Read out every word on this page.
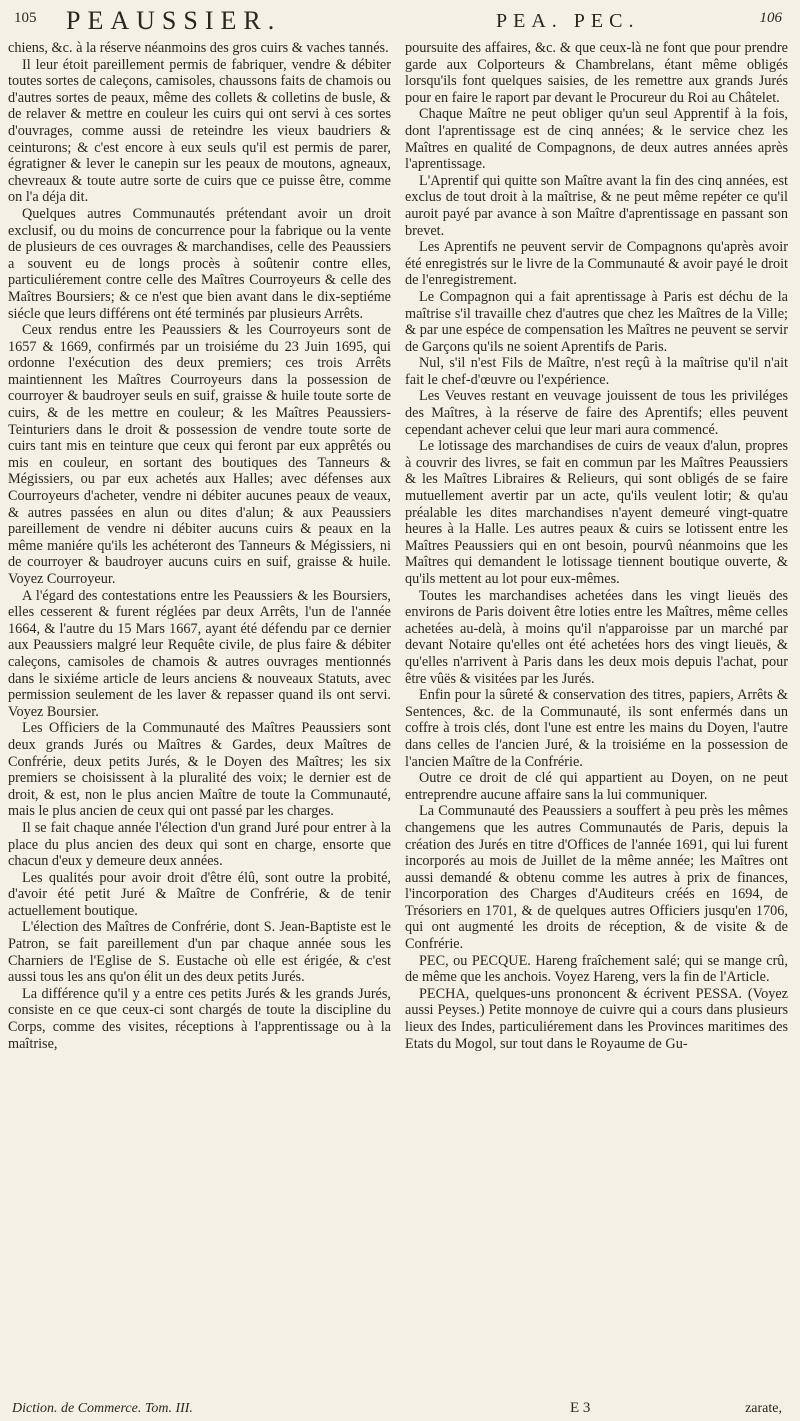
105 PEAUSSIER.	PEA. PEC.	106

chiens, &c. à la réserve néanmoins des gros cuirs & vaches tannés.

Il leur étoit pareillement permis de fabriquer, vendre & débiter toutes sortes de caleçons, camisoles, chaussons faits de chamois ou d'autres sortes de peaux, même des collets & colletins de busle, & de relaver & mettre en couleur les cuirs qui ont servi à ces sortes d'ouvrages, comme aussi de reteindre les vieux baudriers & ceinturons; & c'est encore à eux seuls qu'il est permis de parer, égratigner & lever le canepin sur les peaux de moutons, agneaux, chevreaux & toute autre sorte de cuirs que ce puisse être, comme on l'a déja dit.

Quelques autres Communautés prétendant avoir un droit exclusif, ou du moins de concurrence pour la fabrique ou la vente de plusieurs de ces ouvrages & marchandises, celle des Peaussiers a souvent eu de longs procès à soûtenir contre elles, particuliérement contre celle des Maîtres Courroyeurs & celle des Maîtres Boursiers; & ce n'est que bien avant dans le dix-septiéme siécle que leurs différens ont été terminés par plusieurs Arrêts.

Ceux rendus entre les Peaussiers & les Courroyeurs sont de 1657 & 1669, confirmés par un troisiéme du 23 Juin 1695, qui ordonne l'exécution des deux premiers; ces trois Arrêts maintiennent les Maîtres Courroyeurs dans la possession de courroyer & baudroyer seuls en suif, graisse & huile toute sorte de cuirs, & de les mettre en couleur; & les Maîtres Peaussiers-Teinturiers dans le droit & possession de vendre toute sorte de cuirs tant mis en teinture que ceux qui feront par eux apprêtés ou mis en couleur, en sortant des boutiques des Tanneurs & Mégissiers, ou par eux achetés aux Halles; avec défenses aux Courroyeurs d'acheter, vendre ni débiter aucunes peaux de veaux, & autres passées en alun ou dites d'alun; & aux Peaussiers pareillement de vendre ni débiter aucuns cuirs & peaux en la même maniére qu'ils les achéteront des Tanneurs & Mégissiers, ni de courroyer & baudroyer aucuns cuirs en suif, graisse & huile. Voyez Courroyeur.

A l'égard des contestations entre les Peaussiers & les Boursiers, elles cesserent & furent réglées par deux Arrêts, l'un de l'année 1664, & l'autre du 15 Mars 1667, ayant été défendu par ce dernier aux Peaussiers malgré leur Requête civile, de plus faire & débiter caleçons, camisoles de chamois & autres ouvrages mentionnés dans le sixiéme article de leurs anciens & nouveaux Statuts, avec permission seulement de les laver & repasser quand ils ont servi. Voyez Boursier.

Les Officiers de la Communauté des Maîtres Peaussiers sont deux grands Jurés ou Maîtres & Gardes, deux Maîtres de Confrérie, deux petits Jurés, & le Doyen des Maîtres; les six premiers se choisissent à la pluralité des voix; le dernier est de droit, & est, non le plus ancien Maître de toute la Communauté, mais le plus ancien de ceux qui ont passé par les charges.

Il se fait chaque année l'élection d'un grand Juré pour entrer à la place du plus ancien des deux qui sont en charge, ensorte que chacun d'eux y demeure deux années.

Les qualités pour avoir droit d'être élû, sont outre la probité, d'avoir été petit Juré & Maître de Confrérie, & de tenir actuellement boutique.

L'élection des Maîtres de Confrérie, dont S. Jean-Baptiste est le Patron, se fait pareillement d'un par chaque année sous les Charniers de l'Eglise de S. Eustache où elle est érigée, & c'est aussi tous les ans qu'on élit un des deux petits Jurés.

La différence qu'il y a entre ces petits Jurés & les grands Jurés, consiste en ce que ceux-ci sont chargés de toute la discipline du Corps, comme des visites, réceptions à l'apprentissage ou à la maîtrise,

poursuite des affaires, &c. & que ceux-là ne font que pour prendre garde aux Colporteurs & Chambrelans, étant même obligés lorsqu'ils font quelques saisies, de les remettre aux grands Jurés pour en faire le raport par devant le Procureur du Roi au Châtelet.

Chaque Maître ne peut obliger qu'un seul Apprentif à la fois, dont l'aprentissage est de cinq années; & le service chez les Maîtres en qualité de Compagnons, de deux autres années après l'aprentissage.

L'Aprentif qui quitte son Maître avant la fin des cinq années, est exclus de tout droit à la maîtrise, & ne peut même repéter ce qu'il auroit payé par avance à son Maître d'aprentissage en passant son brevet.

Les Aprentifs ne peuvent servir de Compagnons qu'après avoir été enregistrés sur le livre de la Communauté & avoir payé le droit de l'enregistrement.

Le Compagnon qui a fait aprentissage à Paris est déchu de la maîtrise s'il travaille chez d'autres que chez les Maîtres de la Ville; & par une espéce de compensation les Maîtres ne peuvent se servir de Garçons qu'ils ne soient Aprentifs de Paris.

Nul, s'il n'est Fils de Maître, n'est reçû à la maîtrise qu'il n'ait fait le chef-d'œuvre ou l'expérience.

Les Veuves restant en veuvage jouissent de tous les priviléges des Maîtres, à la réserve de faire des Aprentifs; elles peuvent cependant achever celui que leur mari aura commencé.

Le lotissage des marchandises de cuirs de veaux d'alun, propres à couvrir des livres, se fait en commun par les Maîtres Peaussiers & les Maîtres Libraires & Relieurs, qui sont obligés de se faire mutuellement avertir par un acte, qu'ils veulent lotir; & qu'au préalable les dites marchandises n'ayent demeuré vingt-quatre heures à la Halle. Les autres peaux & cuirs se lotissent entre les Maîtres Peaussiers qui en ont besoin, pourvû néanmoins que les Maîtres qui demandent le lotissage tiennent boutique ouverte, & qu'ils mettent au lot pour eux-mêmes.

Toutes les marchandises achetées dans les vingt lieuës des environs de Paris doivent être loties entre les Maîtres, même celles achetées au-delà, à moins qu'il n'apparoisse par un marché par devant Notaire qu'elles ont été achetées hors des vingt lieuës, & qu'elles n'arrivent à Paris dans les deux mois depuis l'achat, pour être vûës & visitées par les Jurés.

Enfin pour la sûreté & conservation des titres, papiers, Arrêts & Sentences, &c. de la Communauté, ils sont enfermés dans un coffre à trois clés, dont l'une est entre les mains du Doyen, l'autre dans celles de l'ancien Juré, & la troisiéme en la possession de l'ancien Maître de la Confrérie.

Outre ce droit de clé qui appartient au Doyen, on ne peut entreprendre aucune affaire sans la lui communiquer.

La Communauté des Peaussiers a souffert à peu près les mêmes changemens que les autres Communautés de Paris, depuis la création des Jurés en titre d'Offices de l'année 1691, qui lui furent incorporés au mois de Juillet de la même année; les Maîtres ont aussi demandé & obtenu comme les autres à prix de finances, l'incorporation des Charges d'Auditeurs créés en 1694, de Trésoriers en 1701, & de quelques autres Officiers jusqu'en 1706, qui ont augmenté les droits de réception, & de visite & de Confrérie.

PEC, ou PECQUE. Hareng fraîchement salé; qui se mange crû, de même que les anchois. Voyez Hareng, vers la fin de l'Article.

PECHA, quelques-uns prononcent & écrivent PESSA. (Voyez aussi Peyses.) Petite monnoye de cuivre qui a cours dans plusieurs lieux des Indes, particuliérement dans les Provinces maritimes des Etats du Mogol, sur tout dans le Royaume de Gu-

Diction. de Commerce. Tom. III.	E 3	zarate,
